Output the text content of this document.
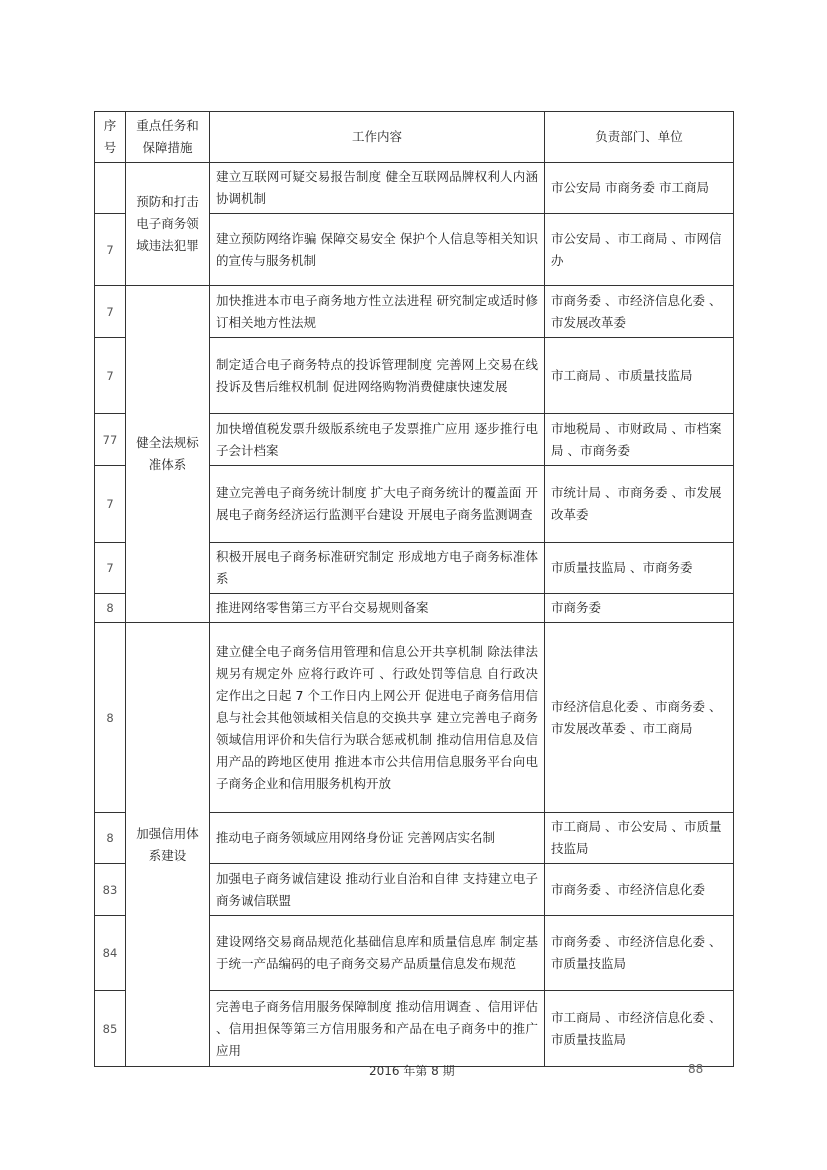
序号	重点任务和保障措施	工作内容	负责部门、单位
	预防和打击电子商务领域违法犯罪	建立互联网可疑交易报告制度 健全互联网品牌权利人内涵协调机制	市公安局 市商务委 市工商局
7		建立预防网络诈骗 保障交易安全 保护个人信息等相关知识的宣传与服务机制	市公安局 、市工商局 、市网信办
7	健全法规标准体系	加快推进本市电子商务地方性立法进程 研究制定或适时修订相关地方性法规	市商务委 、市经济信息化委 、市发展改革委
7		制定适合电子商务特点的投诉管理制度 完善网上交易在线投诉及售后维权机制 促进网络购物消费健康快速发展	市工商局 、市质量技监局
77		加快增值税发票升级版系统电子发票推广应用 逐步推行电子会计档案	市地税局 、市财政局 、市档案局 、市商务委
7		建立完善电子商务统计制度 扩大电子商务统计的覆盖面 开展电子商务经济运行监测平台建设 开展电子商务监测调查	市统计局 、市商务委 、市发展改革委
7		积极开展电子商务标准研究制定 形成地方电子商务标准体系	市质量技监局 、市商务委
8		推进网络零售第三方平台交易规则备案	市商务委
8	加强信用体系建设	建立健全电子商务信用管理和信息公开共享机制 除法律法规另有规定外 应将行政许可 、行政处罚等信息 自行政决定作出之日起 7 个工作日内上网公开 促进电子商务信用信息与社会其他领域相关信息的交换共享 建立完善电子商务领域信用评价和失信行为联合惩戒机制 推动信用信息及信用产品的跨地区使用 推进本市公共信用信息服务平台向电子商务企业和信用服务机构开放	市经济信息化委 、市商务委 、市发展改革委 、市工商局
8		推动电子商务领域应用网络身份证 完善网店实名制	市工商局 、市公安局 、市质量技监局
83		加强电子商务诚信建设 推动行业自治和自律 支持建立电子商务诚信联盟	市商务委 、市经济信息化委
84		建设网络交易商品规范化基础信息库和质量信息库 制定基于统一产品编码的电子商务交易产品质量信息发布规范	市商务委 、市经济信息化委 、市质量技监局
85		完善电子商务信用服务保障制度 推动信用调查 、信用评估 、信用担保等第三方信用服务和产品在电子商务中的推广应用	市工商局 、市经济信息化委 、市质量技监局
2016 年第 8 期	88
